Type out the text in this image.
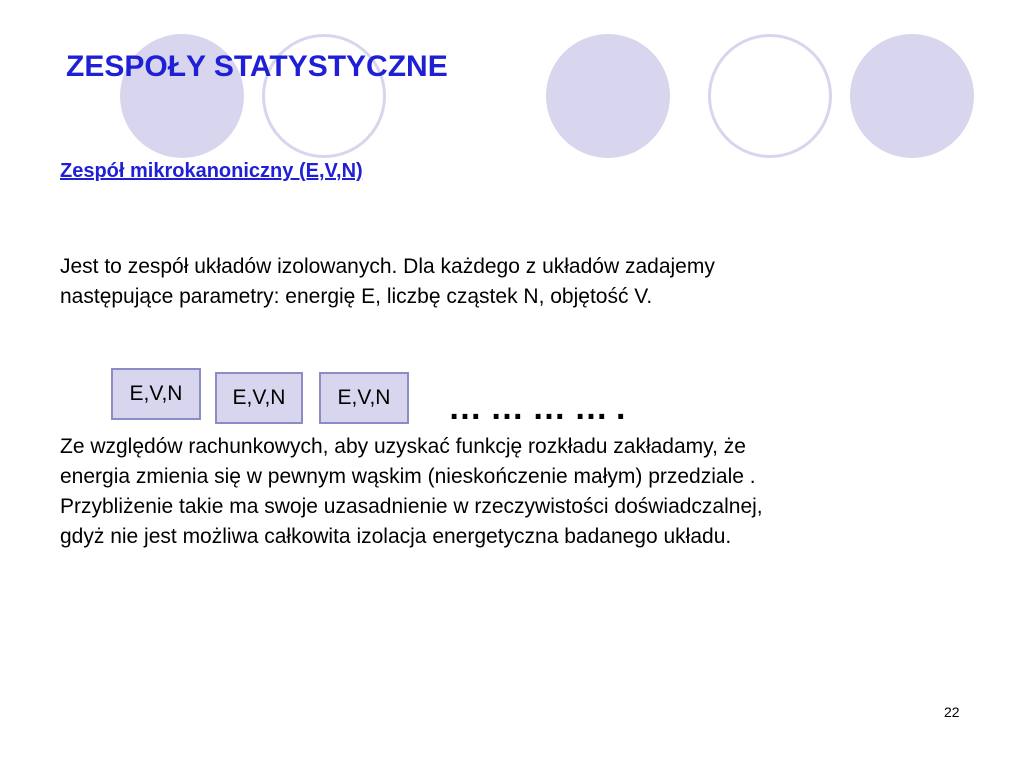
ZESPOŁY STATYSTYCZNE
Zespół mikrokanoniczny (E,V,N)
Jest to zespół układów izolowanych. Dla każdego z układów zadajemy
następujące parametry: energię E, liczbę cząstek N, objętość V.
E,V,N	E,V,N	E,V,N	………….
Ze względów rachunkowych, aby uzyskać funkcję rozkładu zakładamy, że
energia zmienia się w pewnym wąskim (nieskończenie małym) przedziale .
Przybliżenie takie ma swoje uzasadnienie w rzeczywistości doświadczalnej,
gdyż nie jest możliwa całkowita izolacja energetyczna badanego układu.
22
